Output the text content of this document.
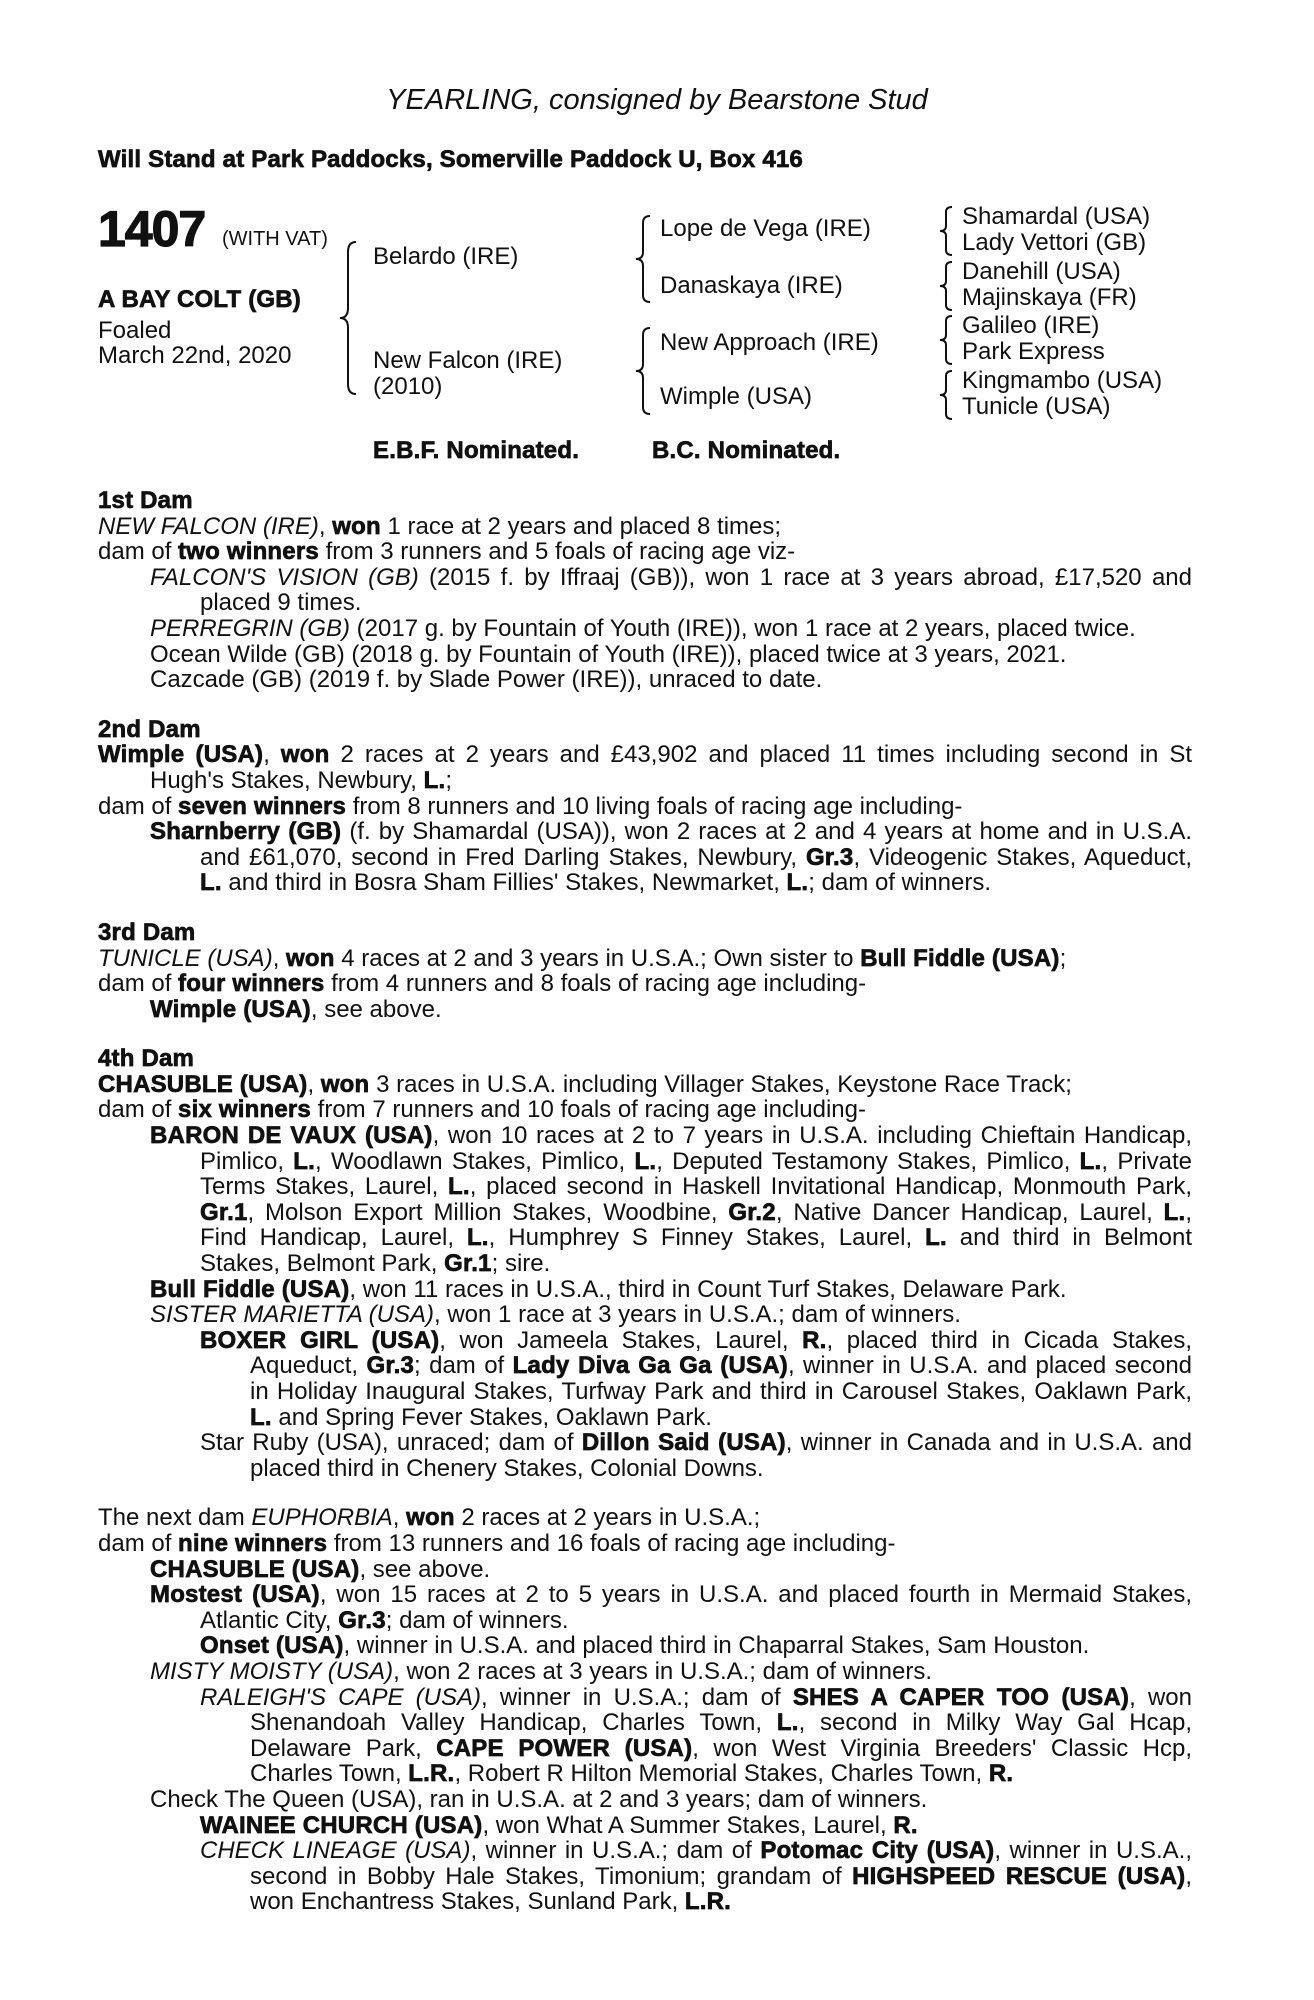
YEARLING, consigned by Bearstone Stud
Will Stand at Park Paddocks, Somerville Paddock U, Box 416
1407 (WITH VAT)
A BAY COLT (GB)
Foaled
March 22nd, 2020
Belardo (IRE)
New Falcon (IRE)
(2010)
Lope de Vega (IRE)
Danaskaya (IRE)
New Approach (IRE)
Wimple (USA)
Shamardal (USA)
Lady Vettori (GB)
Danehill (USA)
Majinskaya (FR)
Galileo (IRE)
Park Express
Kingmambo (USA)
Tunicle (USA)
E.B.F. Nominated.	B.C. Nominated.
1st Dam
NEW FALCON (IRE), won 1 race at 2 years and placed 8 times;
dam of two winners from 3 runners and 5 foals of racing age viz-
FALCON'S VISION (GB) (2015 f. by Iffraaj (GB)), won 1 race at 3 years abroad, £17,520 and placed 9 times.
PERREGRIN (GB) (2017 g. by Fountain of Youth (IRE)), won 1 race at 2 years, placed twice.
Ocean Wilde (GB) (2018 g. by Fountain of Youth (IRE)), placed twice at 3 years, 2021.
Cazcade (GB) (2019 f. by Slade Power (IRE)), unraced to date.
2nd Dam
Wimple (USA), won 2 races at 2 years and £43,902 and placed 11 times including second in St Hugh's Stakes, Newbury, L.;
dam of seven winners from 8 runners and 10 living foals of racing age including-
Sharnberry (GB) (f. by Shamardal (USA)), won 2 races at 2 and 4 years at home and in U.S.A. and £61,070, second in Fred Darling Stakes, Newbury, Gr.3, Videogenic Stakes, Aqueduct, L. and third in Bosra Sham Fillies' Stakes, Newmarket, L.; dam of winners.
3rd Dam
TUNICLE (USA), won 4 races at 2 and 3 years in U.S.A.; Own sister to Bull Fiddle (USA);
dam of four winners from 4 runners and 8 foals of racing age including-
Wimple (USA), see above.
4th Dam
CHASUBLE (USA), won 3 races in U.S.A. including Villager Stakes, Keystone Race Track;
dam of six winners from 7 runners and 10 foals of racing age including-
BARON DE VAUX (USA), won 10 races at 2 to 7 years in U.S.A. including Chieftain Handicap, Pimlico, L., Woodlawn Stakes, Pimlico, L., Deputed Testamony Stakes, Pimlico, L., Private Terms Stakes, Laurel, L., placed second in Haskell Invitational Handicap, Monmouth Park, Gr.1, Molson Export Million Stakes, Woodbine, Gr.2, Native Dancer Handicap, Laurel, L., Find Handicap, Laurel, L., Humphrey S Finney Stakes, Laurel, L. and third in Belmont Stakes, Belmont Park, Gr.1; sire.
Bull Fiddle (USA), won 11 races in U.S.A., third in Count Turf Stakes, Delaware Park.
SISTER MARIETTA (USA), won 1 race at 3 years in U.S.A.; dam of winners.
BOXER GIRL (USA), won Jameela Stakes, Laurel, R., placed third in Cicada Stakes, Aqueduct, Gr.3; dam of Lady Diva Ga Ga (USA), winner in U.S.A. and placed second in Holiday Inaugural Stakes, Turfway Park and third in Carousel Stakes, Oaklawn Park, L. and Spring Fever Stakes, Oaklawn Park.
Star Ruby (USA), unraced; dam of Dillon Said (USA), winner in Canada and in U.S.A. and placed third in Chenery Stakes, Colonial Downs.
The next dam EUPHORBIA, won 2 races at 2 years in U.S.A.;
dam of nine winners from 13 runners and 16 foals of racing age including-
CHASUBLE (USA), see above.
Mostest (USA), won 15 races at 2 to 5 years in U.S.A. and placed fourth in Mermaid Stakes, Atlantic City, Gr.3; dam of winners.
Onset (USA), winner in U.S.A. and placed third in Chaparral Stakes, Sam Houston.
MISTY MOISTY (USA), won 2 races at 3 years in U.S.A.; dam of winners.
RALEIGH'S CAPE (USA), winner in U.S.A.; dam of SHES A CAPER TOO (USA), won Shenandoah Valley Handicap, Charles Town, L., second in Milky Way Gal Hcap, Delaware Park, CAPE POWER (USA), won West Virginia Breeders' Classic Hcp, Charles Town, L.R., Robert R Hilton Memorial Stakes, Charles Town, R.
Check The Queen (USA), ran in U.S.A. at 2 and 3 years; dam of winners.
WAINEE CHURCH (USA), won What A Summer Stakes, Laurel, R.
CHECK LINEAGE (USA), winner in U.S.A.; dam of Potomac City (USA), winner in U.S.A., second in Bobby Hale Stakes, Timonium; grandam of HIGHSPEED RESCUE (USA), won Enchantress Stakes, Sunland Park, L.R.
